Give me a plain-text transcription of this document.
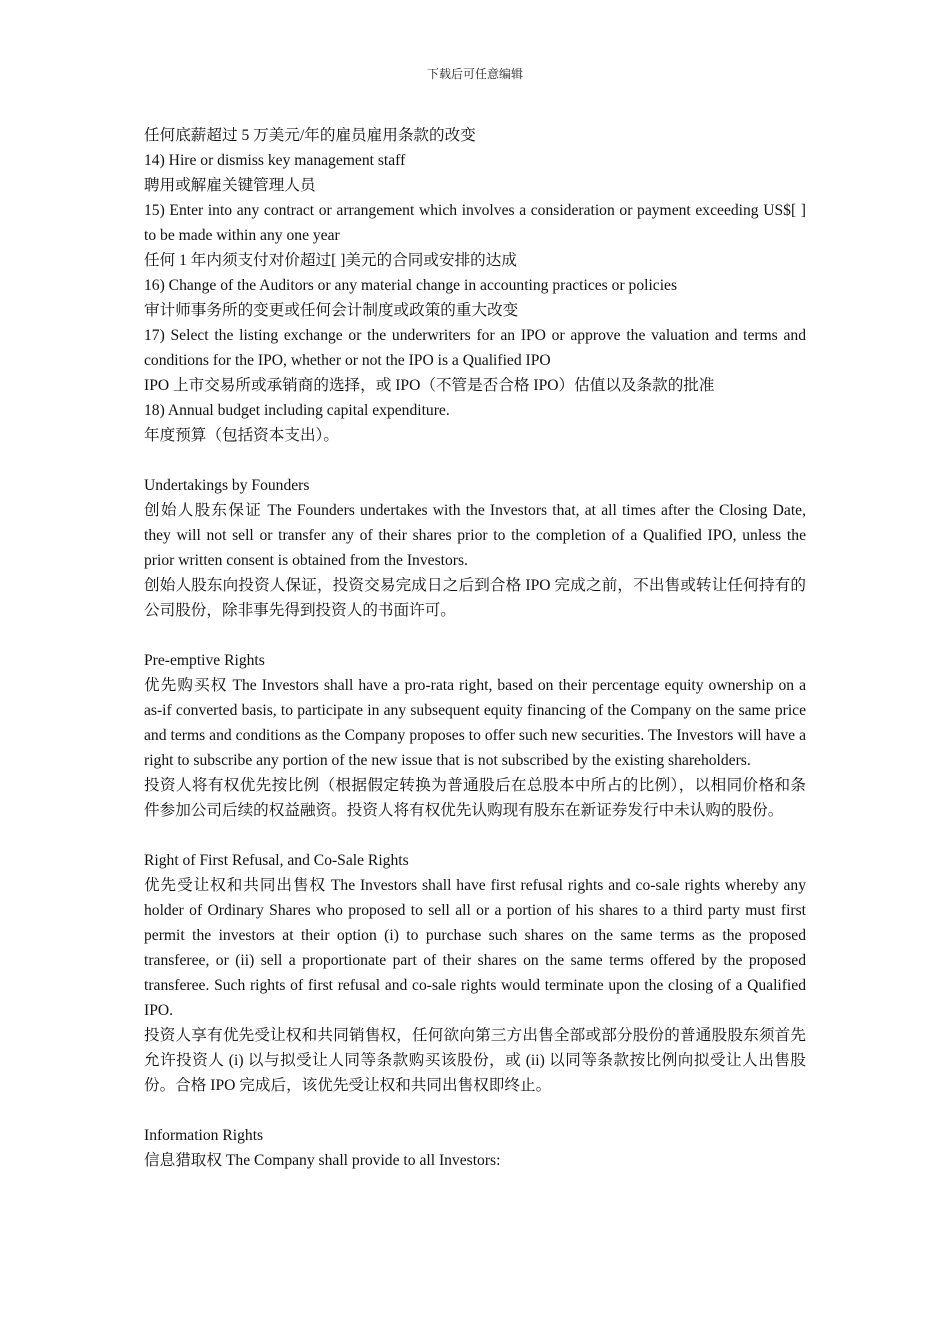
下载后可任意编辑

任何底薪超过 5 万美元/年的雇员雇用条款的改变

14) Hire or dismiss key management staff

聘用或解雇关键管理人员

15) Enter into any contract or arrangement which involves a consideration or payment exceeding US$[ ] to be made within any one year

任何 1 年内须支付对价超过[ ]美元的合同或安排的达成

16) Change of the Auditors or any material change in accounting practices or policies

审计师事务所的变更或任何会计制度或政策的重大改变

17) Select the listing exchange or the underwriters for an IPO or approve the valuation and terms and conditions for the IPO, whether or not the IPO is a Qualified IPO

IPO 上市交易所或承销商的选择，或 IPO（不管是否合格 IPO）估值以及条款的批准

18) Annual budget including capital expenditure.

年度预算（包括资本支出）。

Undertakings by Founders

创始人股东保证 The Founders undertakes with the Investors that, at all times after the Closing Date, they will not sell or transfer any of their shares prior to the completion of a Qualified IPO, unless the prior written consent is obtained from the Investors.

创始人股东向投资人保证，投资交易完成日之后到合格 IPO 完成之前，不出售或转让任何持有的公司股份，除非事先得到投资人的书面许可。

Pre-emptive Rights

优先购买权 The Investors shall have a pro-rata right, based on their percentage equity ownership on a as-if converted basis, to participate in any subsequent equity financing of the Company on the same price and terms and conditions as the Company proposes to offer such new securities. The Investors will have a right to subscribe any portion of the new issue that is not subscribed by the existing shareholders.

投资人将有权优先按比例（根据假定转换为普通股后在总股本中所占的比例），以相同价格和条件参加公司后续的权益融资。投资人将有权优先认购现有股东在新证券发行中未认购的股份。

Right of First Refusal, and Co-Sale Rights

优先受让权和共同出售权 The Investors shall have first refusal rights and co-sale rights whereby any holder of Ordinary Shares who proposed to sell all or a portion of his shares to a third party must first permit the investors at their option (i) to purchase such shares on the same terms as the proposed transferee, or (ii) sell a proportionate part of their shares on the same terms offered by the proposed transferee. Such rights of first refusal and co-sale rights would terminate upon the closing of a Qualified IPO.

投资人享有优先受让权和共同销售权，任何欲向第三方出售全部或部分股份的普通股股东须首先允许投资人 (i) 以与拟受让人同等条款购买该股份，或 (ii) 以同等条款按比例向拟受让人出售股份。合格 IPO 完成后，该优先受让权和共同出售权即终止。

Information Rights

信息猎取权 The Company shall provide to all Investors:
